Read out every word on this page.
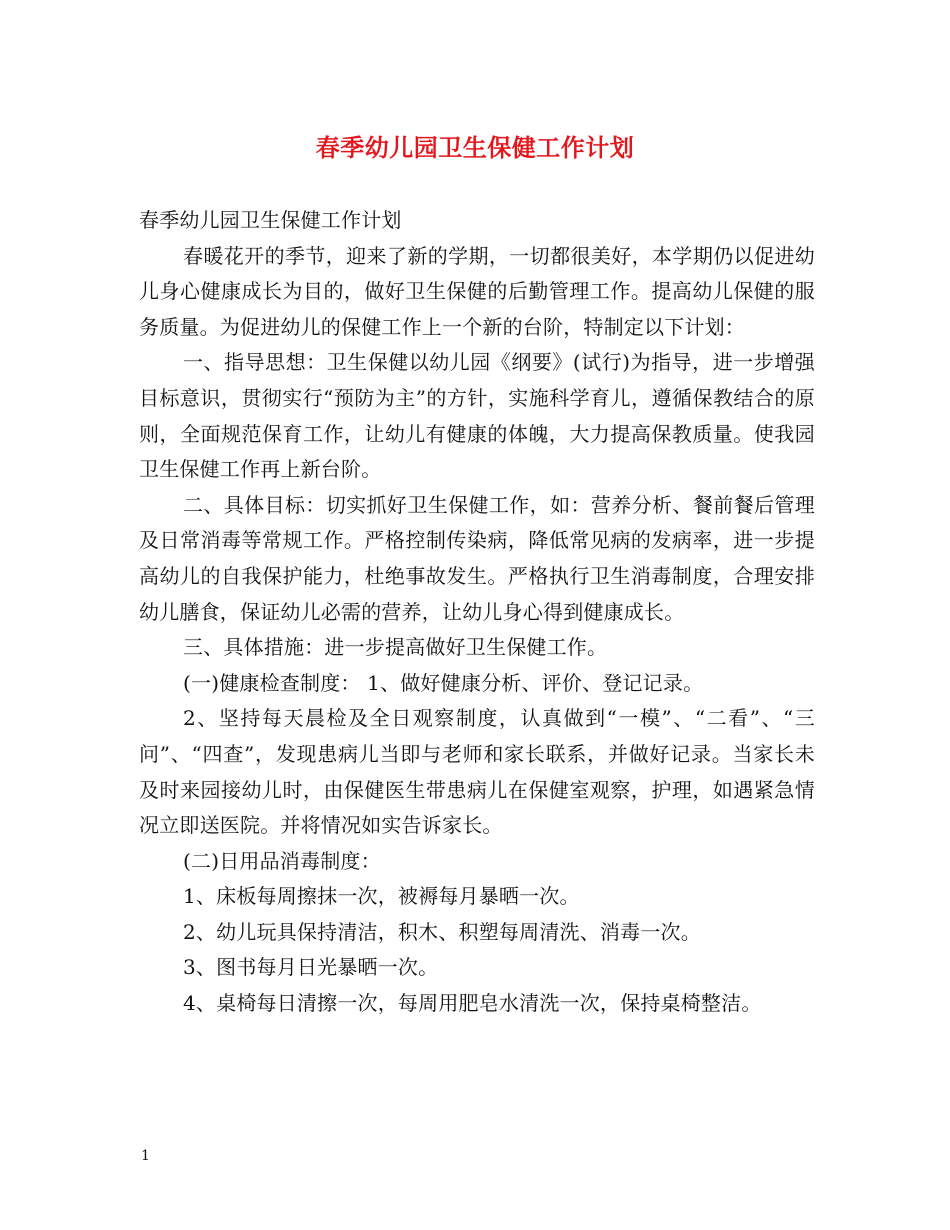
春季幼儿园卫生保健工作计划

春季幼儿园卫生保健工作计划

春暖花开的季节，迎来了新的学期，一切都很美好，本学期仍以促进幼儿身心健康成长为目的，做好卫生保健的后勤管理工作。提高幼儿保健的服务质量。为促进幼儿的保健工作上一个新的台阶，特制定以下计划：

一、指导思想：卫生保健以幼儿园《纲要》(试行)为指导，进一步增强目标意识，贯彻实行“预防为主”的方针，实施科学育儿，遵循保教结合的原则，全面规范保育工作，让幼儿有健康的体魄，大力提高保教质量。使我园卫生保健工作再上新台阶。

二、具体目标：切实抓好卫生保健工作，如：营养分析、餐前餐后管理及日常消毒等常规工作。严格控制传染病，降低常见病的发病率，进一步提高幼儿的自我保护能力，杜绝事故发生。严格执行卫生消毒制度，合理安排幼儿膳食，保证幼儿必需的营养，让幼儿身心得到健康成长。

三、具体措施：进一步提高做好卫生保健工作。

(一)健康检查制度： 1、做好健康分析、评价、登记记录。

2、坚持每天晨检及全日观察制度，认真做到“一模”、“二看”、“三问”、“四查”，发现患病儿当即与老师和家长联系，并做好记录。当家长未及时来园接幼儿时，由保健医生带患病儿在保健室观察，护理，如遇紧急情况立即送医院。并将情况如实告诉家长。

(二)日用品消毒制度：

1、床板每周擦抹一次，被褥每月暴晒一次。

2、幼儿玩具保持清洁，积木、积塑每周清洗、消毒一次。

3、图书每月日光暴晒一次。

4、桌椅每日清擦一次，每周用肥皂水清洗一次，保持桌椅整洁。

1
